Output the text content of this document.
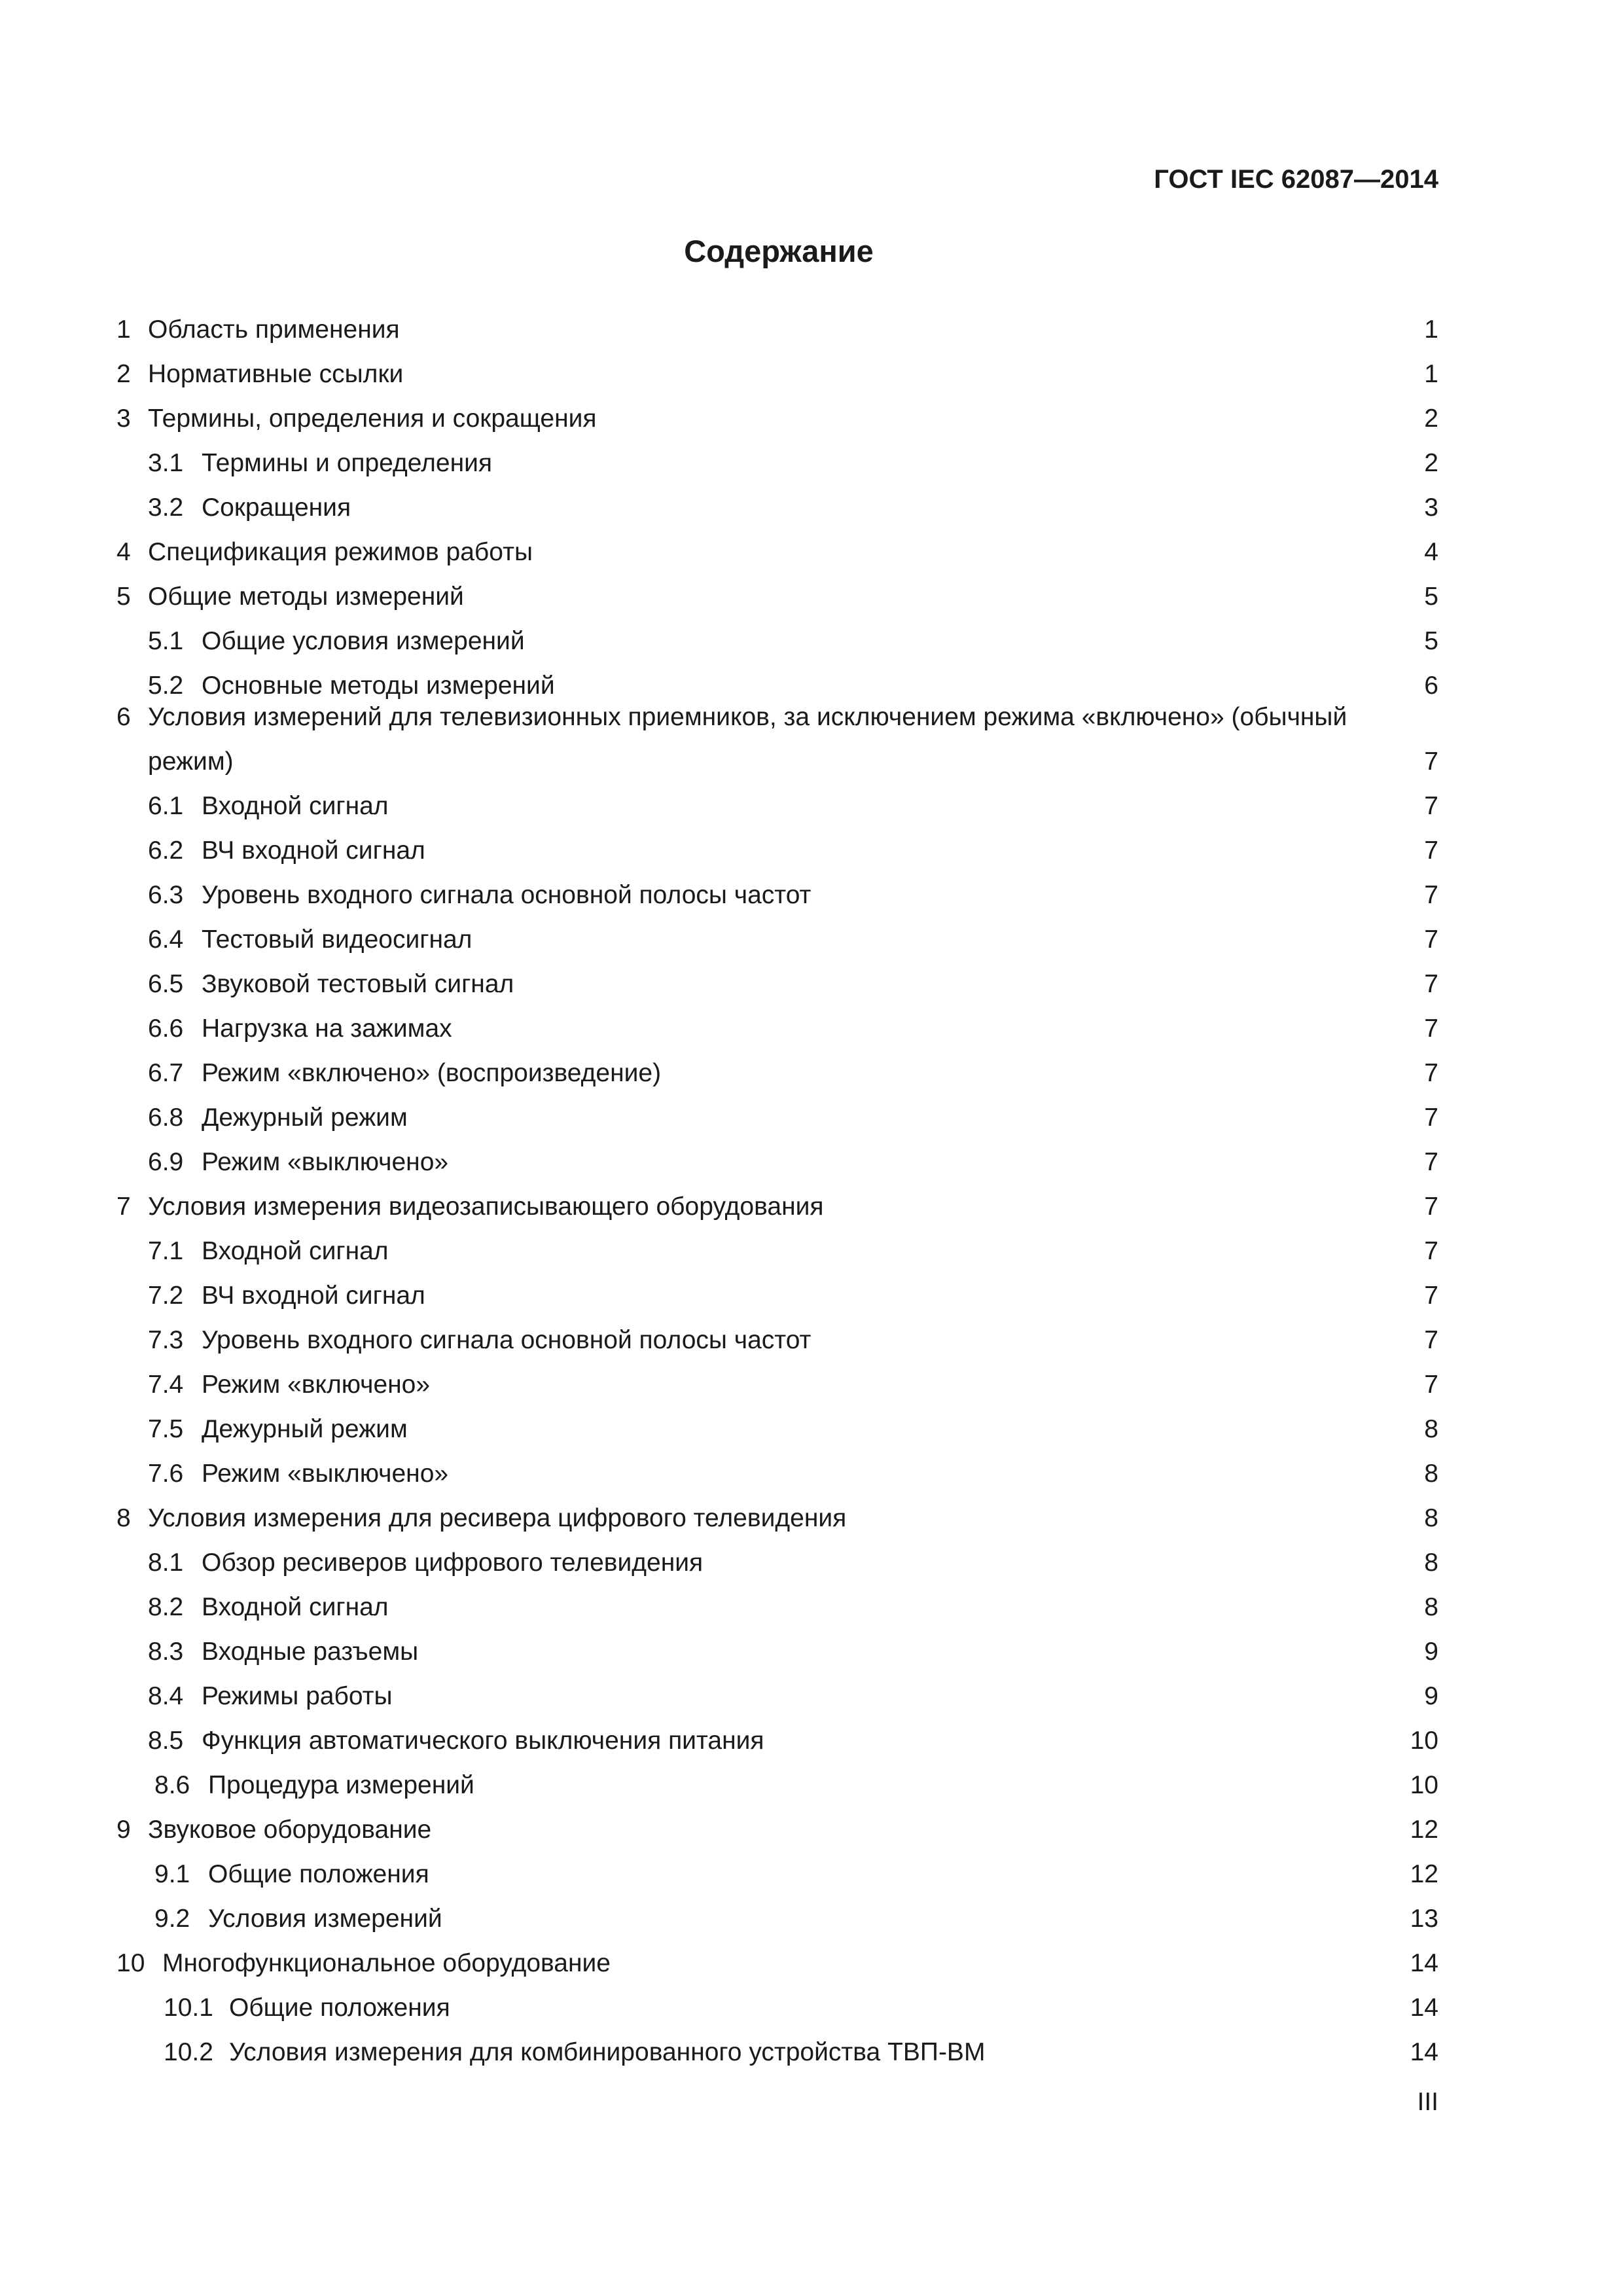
ГОСТ IEC 62087—2014
Содержание
1 Область применения	1
2 Нормативные ссылки	1
3 Термины, определения и сокращения	2
3.1 Термины и определения	2
3.2 Сокращения	3
4 Спецификация режимов работы	4
5 Общие методы измерений	5
5.1 Общие условия измерений	5
5.2 Основные методы измерений	6
6 Условия измерений для телевизионных приемников, за исключением режима «включено» (обычный
режим)	7
6.1 Входной сигнал	7
6.2 ВЧ входной сигнал	7
6.3 Уровень входного сигнала основной полосы частот	7
6.4 Тестовый видеосигнал	7
6.5 Звуковой тестовый сигнал	7
6.6 Нагрузка на зажимах	7
6.7 Режим «включено» (воспроизведение)	7
6.8 Дежурный режим	7
6.9 Режим «выключено»	7
7 Условия измерения видеозаписывающего оборудования	7
7.1 Входной сигнал	7
7.2 ВЧ входной сигнал	7
7.3 Уровень входного сигнала основной полосы частот	7
7.4 Режим «включено»	7
7.5 Дежурный режим	8
7.6 Режим «выключено»	8
8 Условия измерения для ресивера цифрового телевидения	8
8.1 Обзор ресиверов цифрового телевидения	8
8.2 Входной сигнал	8
8.3 Входные разъемы	9
8.4 Режимы работы	9
8.5 Функция автоматического выключения питания	10
8.6 Процедура измерений	10
9 Звуковое оборудование	12
9.1 Общие положения	12
9.2 Условия измерений	13
10 Многофункциональное оборудование	14
10.1 Общие положения	14
10.2 Условия измерения для комбинированного устройства ТВП-ВМ	14
III
